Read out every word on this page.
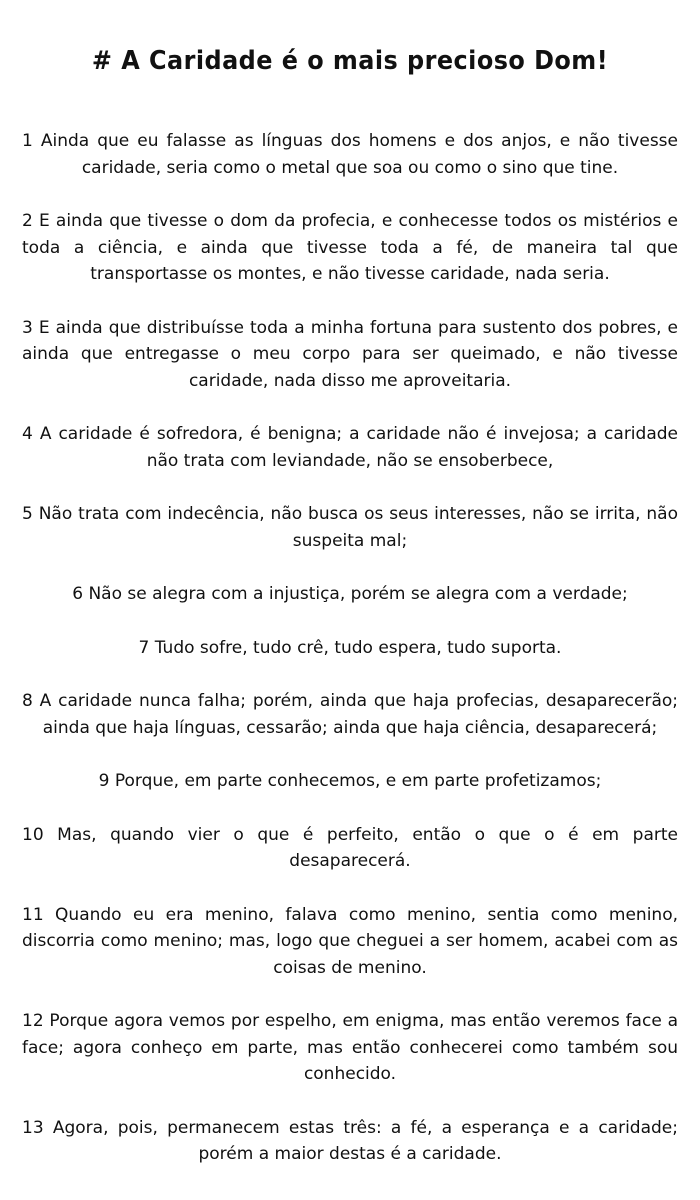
# A Caridade é o mais precioso Dom!

1 Ainda que eu falasse as línguas dos homens e dos anjos, e não tivesse caridade, seria como o metal que soa ou como o sino que tine.

2 E ainda que tivesse o dom da profecia, e conhecesse todos os mistérios e toda a ciência, e ainda que tivesse toda a fé, de maneira tal que transportasse os montes, e não tivesse caridade, nada seria.

3 E ainda que distribuísse toda a minha fortuna para sustento dos pobres, e ainda que entregasse o meu corpo para ser queimado, e não tivesse caridade, nada disso me aproveitaria.

4 A caridade é sofredora, é benigna; a caridade não é invejosa; a caridade não trata com leviandade, não se ensoberbece,

5 Não trata com indecência, não busca os seus interesses, não se irrita, não suspeita mal;

6 Não se alegra com a injustiça, porém se alegra com a verdade;

7 Tudo sofre, tudo crê, tudo espera, tudo suporta.

8 A caridade nunca falha; porém, ainda que haja profecias, desaparecerão; ainda que haja línguas, cessarão; ainda que haja ciência, desaparecerá;

9 Porque, em parte conhecemos, e em parte profetizamos;

10 Mas, quando vier o que é perfeito, então o que o é em parte desaparecerá.

11 Quando eu era menino, falava como menino, sentia como menino, discorria como menino; mas, logo que cheguei a ser homem, acabei com as coisas de menino.

12 Porque agora vemos por espelho, em enigma, mas então veremos face a face; agora conheço em parte, mas então conhecerei como também sou conhecido.

13 Agora, pois, permanecem estas três: a fé, a esperança e a caridade; porém a maior destas é a caridade.
